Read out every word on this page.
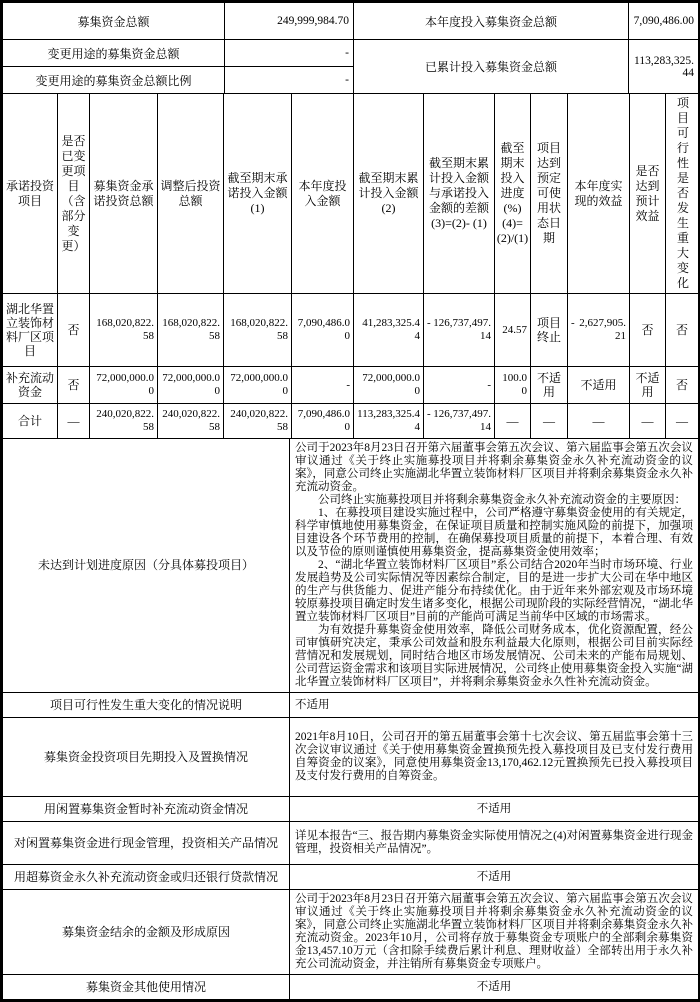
募集资金总额	249,999,984.70	本年度投入募集资金总额	7,090,486.00
变更用途的募集资金总额	-	已累计投入募集资金总额	113,283,325.44
变更用途的募集资金总额比例	-		
承诺投资项目	是否已变更项目（含部分变更）	募集资金承诺投资总额	调整后投资总额	截至期末承诺投入金额(1)	本年度投入金额	截至期末累计投入金额(2)	截至期末累计投入金额与承诺投入金额的差额(3)=(2)- (1)	截至期末投入进度(%)(4)=(2)/(1)	项目达到预定可使用状态日期	本年度实现的效益	是否达到预计效益	项目可行性是否发生重大变化
湖北华置立装饰材料厂区项目	否	168,020,822.58	168,020,822.58	168,020,822.58	7,090,486.00	41,283,325.44	- 126,737,497.14	24.57	项目终止	- 2,627,905.21	否	否
补充流动资金	否	72,000,000.00	72,000,000.00	72,000,000.00	-	72,000,000.00	-	100.00	不适用	不适用	不适用	否
合计	—	240,020,822.58	240,020,822.58	240,020,822.58	7,090,486.00	113,283,325.44	- 126,737,497.14	—	—	—	—	—
未达到计划进度原因（分具体募投项目）	公司于2023年8月23日召开第六届董事会第五次会议、第六届监事会第五次会议审议通过《关于终止实施募投项目并将剩余募集资金永久补充流动资金的议案》，同意公司终止实施湖北华置立装饰材料厂区项目并将剩余募集资金永久补充流动资金。

公司终止实施募投项目并将剩余募集资金永久补充流动资金的主要原因：

1、在募投项目建设实施过程中，公司严格遵守募集资金使用的有关规定，科学审慎地使用募集资金，在保证项目质量和控制实施风险的前提下，加强项目建设各个环节费用的控制，在确保募投项目质量的前提下，本着合理、有效以及节俭的原则谨慎使用募集资金，提高募集资金使用效率；

2、“湖北华置立装饰材料厂区项目”系公司结合2020年当时市场环境、行业发展趋势及公司实际情况等因素综合制定，目的是进一步扩大公司在华中地区的生产与供货能力、促进产能分布持续优化。由于近年来外部宏观及市场环境较原募投项目确定时发生诸多变化，根据公司现阶段的实际经营情况，“湖北华置立装饰材料厂区项目”目前的产能尚可满足当前华中区域的市场需求。

为有效提升募集资金使用效率，降低公司财务成本，优化资源配置，经公司审慎研究决定，秉承公司效益和股东利益最大化原则，根据公司目前实际经营情况和发展规划，同时结合地区市场发展情况、公司未来的产能布局规划、公司营运资金需求和该项目实际进展情况，公司终止使用募集资金投入实施“湖北华置立装饰材料厂区项目”，并将剩余募集资金永久性补充流动资金。

项目可行性发生重大变化的情况说明	不适用
募集资金投资项目先期投入及置换情况	2021年8月10日，公司召开的第五届董事会第十七次会议、第五届监事会第十三次会议审议通过《关于使用募集资金置换预先投入募投项目及已支付发行费用自筹资金的议案》，同意使用募集资金13,170,462.12元置换预先已投入募投项目及支付发行费用的自筹资金。
用闲置募集资金暂时补充流动资金情况	不适用
对闲置募集资金进行现金管理，投资相关产品情况	详见本报告“三、报告期内募集资金实际使用情况之(4)对闲置募集资金进行现金管理，投资相关产品情况”。
用超募资金永久补充流动资金或归还银行贷款情况	不适用
募集资金结余的金额及形成原因	公司于2023年8月23日召开第六届董事会第五次会议、第六届监事会第五次会议审议通过《关于终止实施募投项目并将剩余募集资金永久补充流动资金的议案》，同意公司终止实施湖北华置立装饰材料厂区项目并将剩余募集资金永久补充流动资金。2023年10月，公司将存放于募集资金专项账户的全部剩余募集资金13,457.10万元（含扣除手续费后累计利息、理财收益）全部转出用于永久补充公司流动资金，并注销所有募集资金专项账户。
募集资金其他使用情况	不适用
